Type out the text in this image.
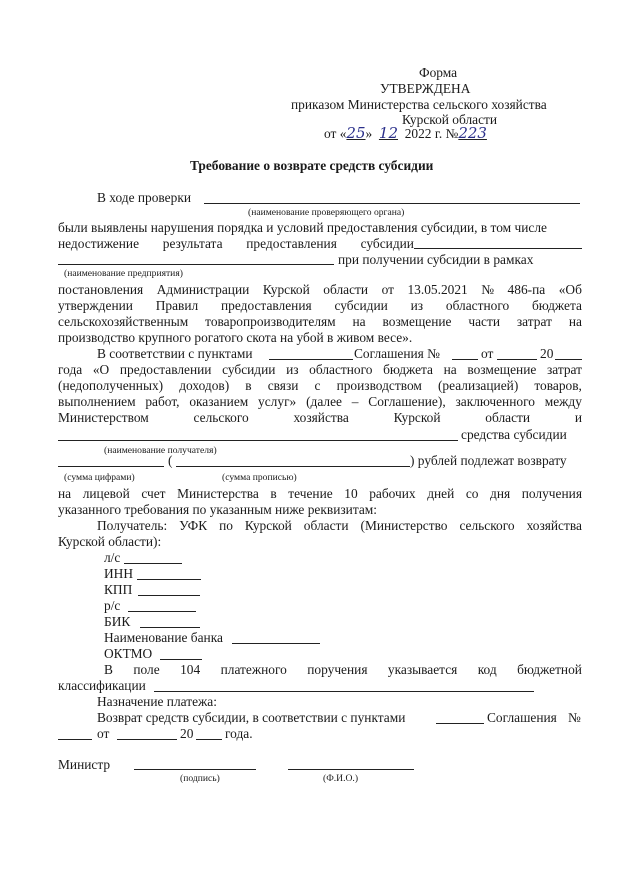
Форма
УТВЕРЖДЕНА
приказом Министерства сельского хозяйства
Курской области
от «25» 12 2022 г. №223
Требование о возврате средств субсидии
В ходе проверки
(наименование проверяющего органа)
были выявлены нарушения порядка и условий предоставления субсидии, в том числе
недостижение результата предоставления субсидии
при получении субсидии в рамках
(наименование предприятия)
постановления Администрации Курской области от 13.05.2021 № 486-па «Об
утверждении Правил предоставления субсидии из областного бюджета
сельскохозяйственным товаропроизводителям на возмещение части затрат на
производство крупного рогатого скота на убой в живом весе».
В соответствии с пунктами	Соглашения №	от	20
года «О предоставлении субсидии из областного бюджета на возмещение затрат
(недополученных) доходов) в связи с производством (реализацией) товаров,
выполнением работ, оказанием услуг» (далее – Соглашение), заключенного между
Министерством	сельского	хозяйства	Курской	области	и
средства субсидии
(наименование получателя)
(	) рублей подлежат возврату
(сумма цифрами)	(сумма прописью)
на лицевой счет Министерства в течение 10 рабочих дней со дня получения
указанного требования по указанным ниже реквизитам:
Получатель: УФК по Курской области (Министерство сельского хозяйства
Курской области):
л/с
ИНН
КПП
р/с
БИК
Наименование банка
ОКТМО
В поле 104 платежного поручения указывается код бюджетной
классификации
Назначение платежа:
Возврат средств субсидии, в соответствии с пунктами	Соглашения №
от	20 года.
Министр
(подпись)	(Ф.И.О.)
